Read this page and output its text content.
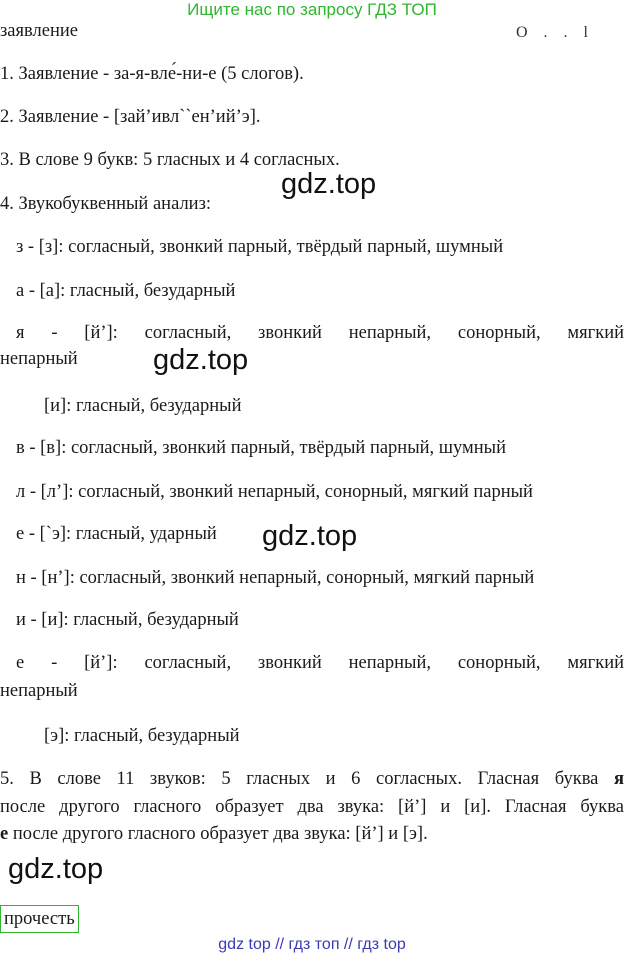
Ищите нас по запросу ГДЗ ТОП
О . . l
заявление
1. Заявление - за-я-вле́-ни-е (5 слогов).
2. Заявление - [зай’ивл``ен’ий’э].
3. В слове 9 букв: 5 гласных и 4 согласных.
4. Звукобуквенный анализ:
gdz.top
з - [з]: согласный, звонкий парный, твёрдый парный, шумный
а - [а]: гласный, безударный
я - [й’]: согласный, звонкий непарный, сонорный, мягкий
непарный	gdz.top
[и]: гласный, безударный
в - [в]: согласный, звонкий парный, твёрдый парный, шумный
л - [л’]: согласный, звонкий непарный, сонорный, мягкий парный
е - [`э]: гласный, ударный gdz.top
н - [н’]: согласный, звонкий непарный, сонорный, мягкий парный
и - [и]: гласный, безударный
е - [й’]: согласный, звонкий непарный, сонорный, мягкий
непарный
[э]: гласный, безударный
5. В слове 11 звуков: 5 гласных и 6 согласных. Гласная буква я
после другого гласного образует два звука: [й’] и [и]. Гласная буква
е после другого гласного образует два звука: [й’] и [э].
gdz.top
прочесть
gdz top // гдз топ // гдз top
